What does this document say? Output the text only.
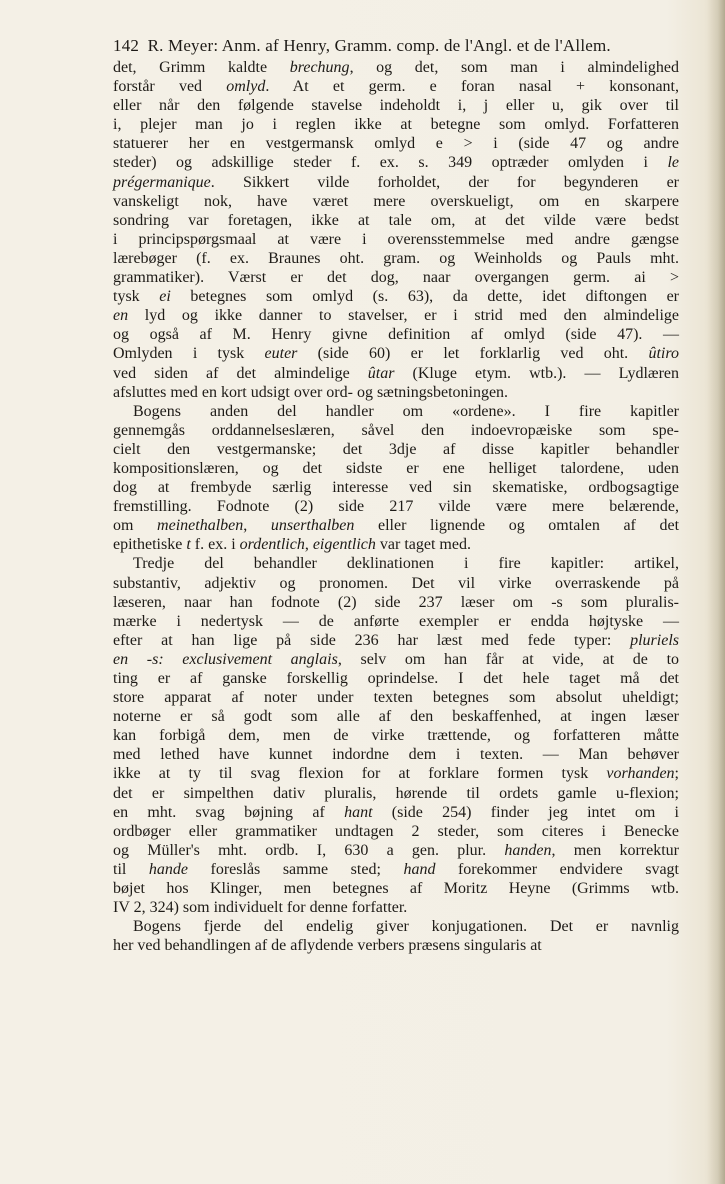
142 R. Meyer: Anm. af Henry, Gramm. comp. de l'Angl. et de l'Allem.
det, Grimm kaldte brechung, og det, som man i almindelighed
forstår ved omlyd. At et germ. e foran nasal + konsonant,
eller når den følgende stavelse indeholdt i, j eller u, gik over til
i, plejer man jo i reglen ikke at betegne som omlyd. Forfatteren
statuerer her en vestgermansk omlyd e > i (side 47 og andre
steder) og adskillige steder f. ex. s. 349 optræder omlyden i le
prégermanique. Sikkert vilde forholdet, der for begynderen er
vanskeligt nok, have været mere overskueligt, om en skarpere
sondring var foretagen, ikke at tale om, at det vilde være bedst
i principspørgsmaal at være i overensstemmelse med andre gængse
lærebøger (f. ex. Braunes oht. gram. og Weinholds og Pauls mht.
grammatiker). Værst er det dog, naar overgangen germ. ai >
tysk ei betegnes som omlyd (s. 63), da dette, idet diftongen er
en lyd og ikke danner to stavelser, er i strid med den almindelige
og også af M. Henry givne definition af omlyd (side 47). —
Omlyden i tysk euter (side 60) er let forklarlig ved oht. ûtiro
ved siden af det almindelige ûtar (Kluge etym. wtb.). — Lydlæren
afsluttes med en kort udsigt over ord- og sætningsbetoningen.
Bogens anden del handler om «ordene». I fire kapitler
gennemgås orddannelseslæren, såvel den indoevropæiske som spe-
cielt den vestgermanske; det 3dje af disse kapitler behandler
kompositionslæren, og det sidste er ene helliget talordene, uden
dog at frembyde særlig interesse ved sin skematiske, ordbogsagtige
fremstilling. Fodnote (2) side 217 vilde være mere belærende,
om meinethalben, unserthalben eller lignende og omtalen af det
epithetiske t f. ex. i ordentlich, eigentlich var taget med.
Tredje del behandler deklinationen i fire kapitler: artikel,
substantiv, adjektiv og pronomen. Det vil virke overraskende på
læseren, naar han fodnote (2) side 237 læser om -s som pluralis-
mærke i nedertysk — de anførte exempler er endda højtyske —
efter at han lige på side 236 har læst med fede typer: pluriels
en -s: exclusivement anglais, selv om han får at vide, at de to
ting er af ganske forskellig oprindelse. I det hele taget må det
store apparat af noter under texten betegnes som absolut uheldigt;
noterne er så godt som alle af den beskaffenhed, at ingen læser
kan forbigå dem, men de virke trættende, og forfatteren måtte
med lethed have kunnet indordne dem i texten. — Man behøver
ikke at ty til svag flexion for at forklare formen tysk vorhanden;
det er simpelthen dativ pluralis, hørende til ordets gamle u-flexion;
en mht. svag bøjning af hant (side 254) finder jeg intet om i
ordbøger eller grammatiker undtagen 2 steder, som citeres i Benecke
og Müller's mht. ordb. I, 630 a gen. plur. handen, men korrektur
til hande foreslås samme sted; hand forekommer endvidere svagt
bøjet hos Klinger, men betegnes af Moritz Heyne (Grimms wtb.
IV 2, 324) som individuelt for denne forfatter.
Bogens fjerde del endelig giver konjugationen. Det er navnlig
her ved behandlingen af de aflydende verbers præsens singularis at
